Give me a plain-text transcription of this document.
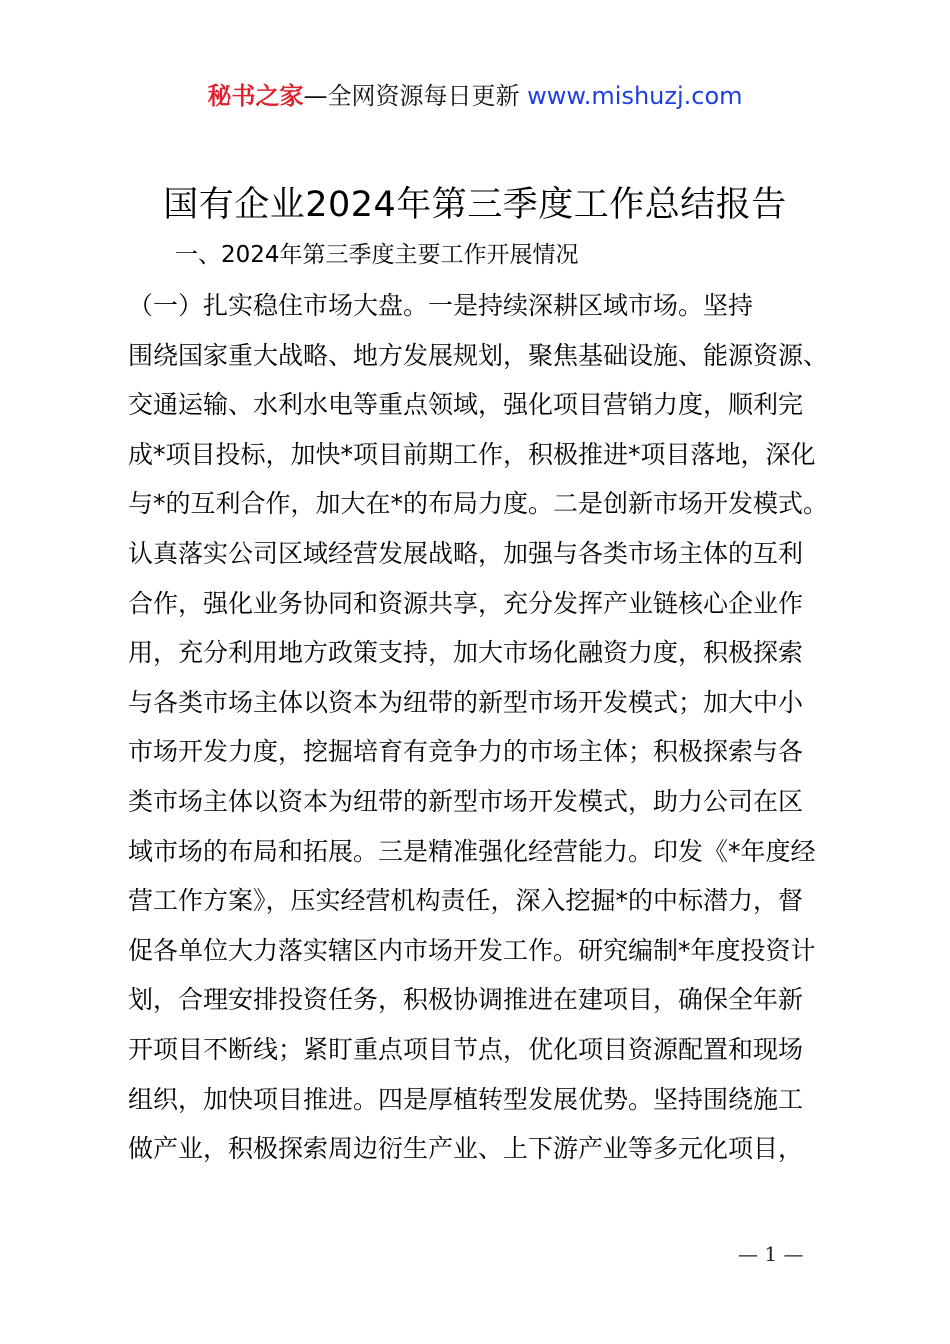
秘书之家—全网资源每日更新 www.mishuzj.com
国有企业2024年第三季度工作总结报告
一、2024年第三季度主要工作开展情况
（一）扎实稳住市场大盘。一是持续深耕区域市场。坚持
围绕国家重大战略、地方发展规划，聚焦基础设施、能源资源、
交通运输、水利水电等重点领域，强化项目营销力度，顺利完
成*项目投标，加快*项目前期工作，积极推进*项目落地，深化
与*的互利合作，加大在*的布局力度。二是创新市场开发模式。
认真落实公司区域经营发展战略，加强与各类市场主体的互利
合作，强化业务协同和资源共享，充分发挥产业链核心企业作
用，充分利用地方政策支持，加大市场化融资力度，积极探索
与各类市场主体以资本为纽带的新型市场开发模式；加大中小
市场开发力度，挖掘培育有竞争力的市场主体；积极探索与各
类市场主体以资本为纽带的新型市场开发模式，助力公司在区
域市场的布局和拓展。三是精准强化经营能力。印发《*年度经
营工作方案》，压实经营机构责任，深入挖掘*的中标潜力，督
促各单位大力落实辖区内市场开发工作。研究编制*年度投资计
划，合理安排投资任务，积极协调推进在建项目，确保全年新
开项目不断线；紧盯重点项目节点，优化项目资源配置和现场
组织，加快项目推进。四是厚植转型发展优势。坚持围绕施工
做产业，积极探索周边衍生产业、上下游产业等多元化项目，
— 1 —
